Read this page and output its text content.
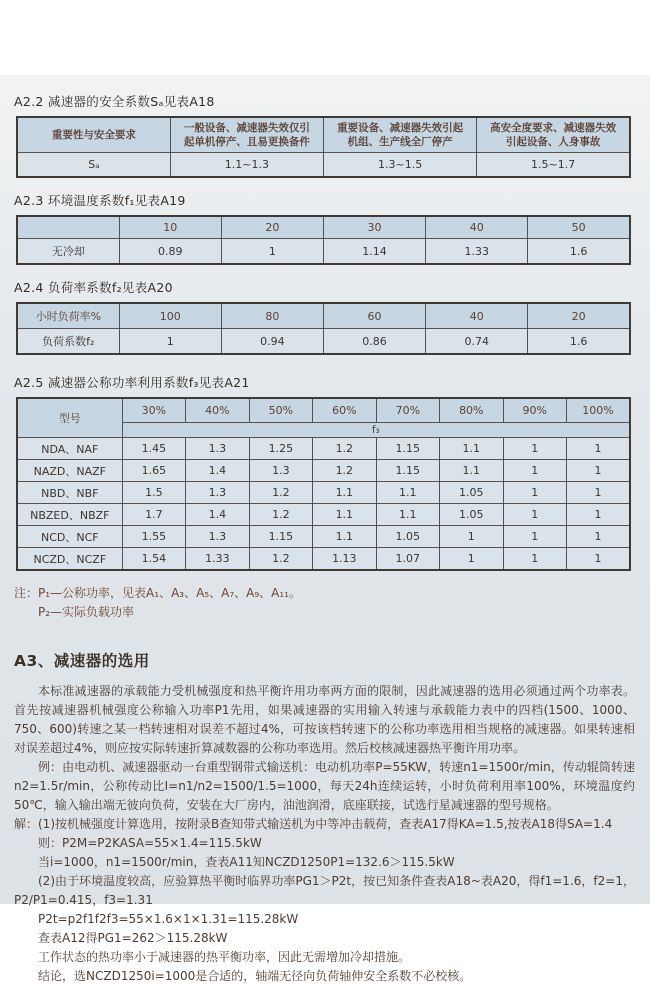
A2.2 减速器的安全系数Sₐ见表A18
重要性与安全要求	一般设备、减速器失效仅引起单机停产、且易更换备件	重要设备、减速器失效引起机组、生产线全厂停产	高安全度要求、减速器失效引起设备、人身事故
Sₐ	1.1~1.3	1.3~1.5	1.5~1.7
A2.3 环境温度系数f₁见表A19
	10	20	30	40	50
无冷却	0.89	1	1.14	1.33	1.6
A2.4 负荷率系数f₂见表A20
小时负荷率%	100	80	60	40	20
负荷系数f₂	1	0.94	0.86	0.74	1.6
A2.5 减速器公称功率利用系数f₃见表A21
型号	30%	40%	50%	60%	70%	80%	90%	100%
	f₃							
NDA、NAF	1.45	1.3	1.25	1.2	1.15	1.1	1	1
NAZD、NAZF	1.65	1.4	1.3	1.2	1.15	1.1	1	1
NBD、NBF	1.5	1.3	1.2	1.1	1.1	1.05	1	1
NBZED、NBZF	1.7	1.4	1.2	1.1	1.1	1.05	1	1
NCD、NCF	1.55	1.3	1.15	1.1	1.05	1	1	1
NCZD、NCZF	1.54	1.33	1.2	1.13	1.07	1	1	1
注：P₁—公称功率，见表A₁、A₃、A₅、A₇、A₉、A₁₁。
P₂—实际负载功率
A3、减速器的选用

本标准减速器的承载能力受机械强度和热平衡许用功率两方面的限制，因此减速器的选用必须通过两个功率表。首先按减速器机械强度公称输入功率P1先用，如果减速器的实用输入转速与承载能力表中的四档(1500、1000、750、600)转速之某一档转速相对误差不超过4%，可按该档转速下的公称功率选用相当规格的减速器。如果转速相对误差超过4%，则应按实际转速折算减数器的公称功率选用。然后校核减速器热平衡许用功率。

例：由电动机、减速器驱动一台重型钢带式输送机：电动机功率P=55KW，转速n1=1500r/min，传动辊筒转速n2=1.5r/min，公称传动比I=n1/n2=1500/1.5=1000，每天24h连续运转，小时负荷利用率100%，环境温度约50℃，输入输出端无彼向负荷，安装在大厂房内，油池润滑，底座联接，试选行星减速器的型号规格。

解：(1)按机械强度计算选用，按附录B查知带式输送机为中等冲击载荷，查表A17得KA=1.5,按表A18得SA=1.4
则：P2M=P2KASA=55×1.4=115.5kW
当i=1000，n1=1500r/min，查表A11知NCZD1250P1=132.6＞115.5kW
(2)由于环境温度较高，应验算热平衡时临界功率PG1＞P2t，按已知条件查表A18~表A20，得f1=1.6，f2=1，P2/P1=0.415，f3=1.31
P2t=p2f1f2f3=55×1.6×1×1.31=115.28kW
查表A12得PG1=262＞115.28kW
工作状态的热功率小于减速器的热平衡功率，因此无需增加冷却措施。
结论，选NCZD1250i=1000是合适的，轴端无径向负荷轴伸安全系数不必校核。
